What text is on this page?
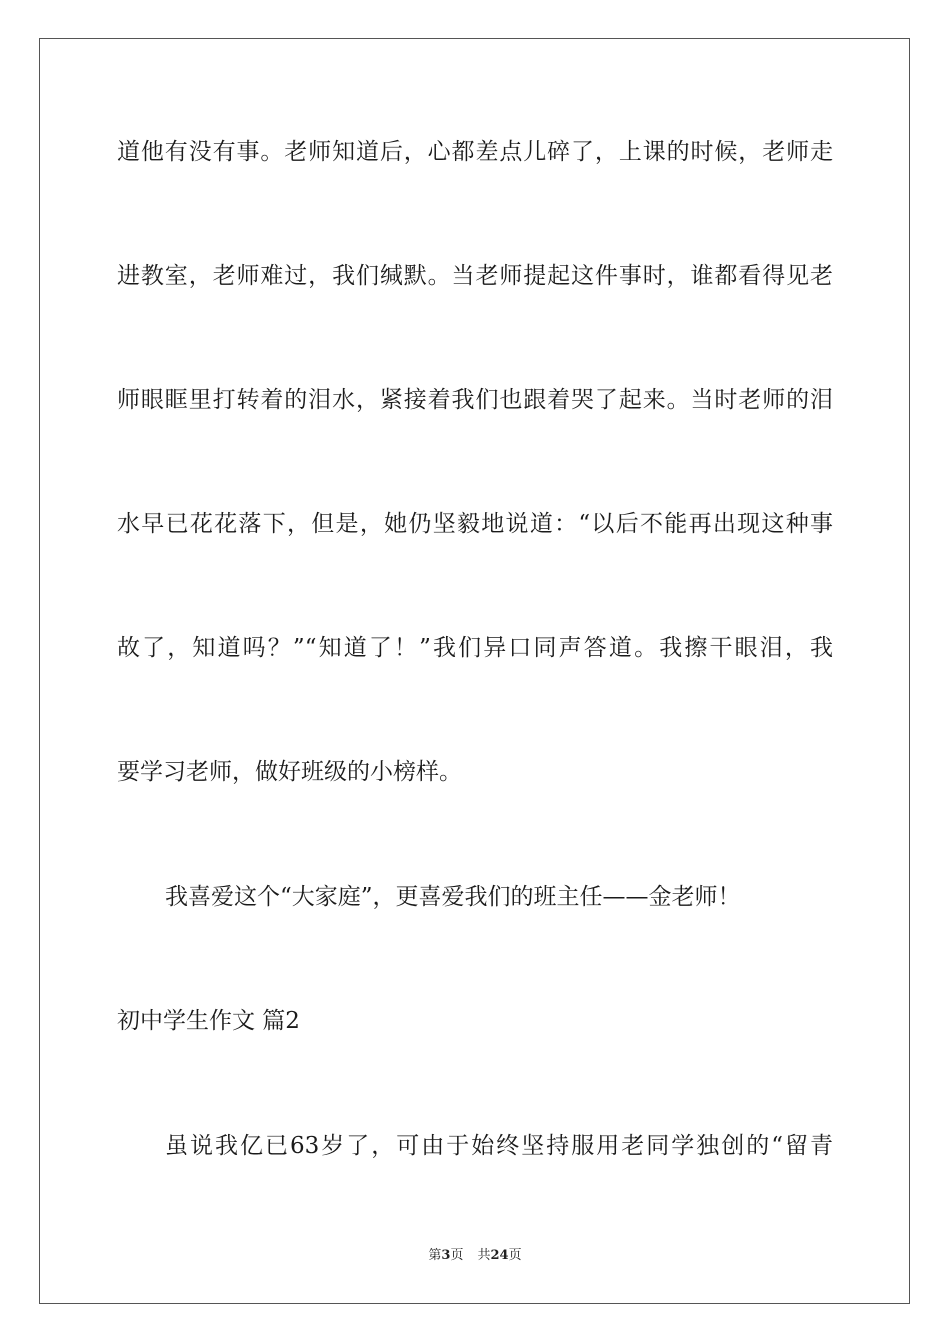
道他有没有事。老师知道后，心都差点儿碎了，上课的时候，老师走
进教室，老师难过，我们缄默。当老师提起这件事时，谁都看得见老
师眼眶里打转着的泪水，紧接着我们也跟着哭了起来。当时老师的泪
水早已花花落下，但是，她仍坚毅地说道：“以后不能再出现这种事
故了，知道吗？”“知道了！”我们异口同声答道。我擦干眼泪，我
要学习老师，做好班级的小榜样。
我喜爱这个“大家庭”，更喜爱我们的班主任——金老师！
初中学生作文 篇2
虽说我亿已63岁了，可由于始终坚持服用老同学独创的“留青
第3页 共24页
